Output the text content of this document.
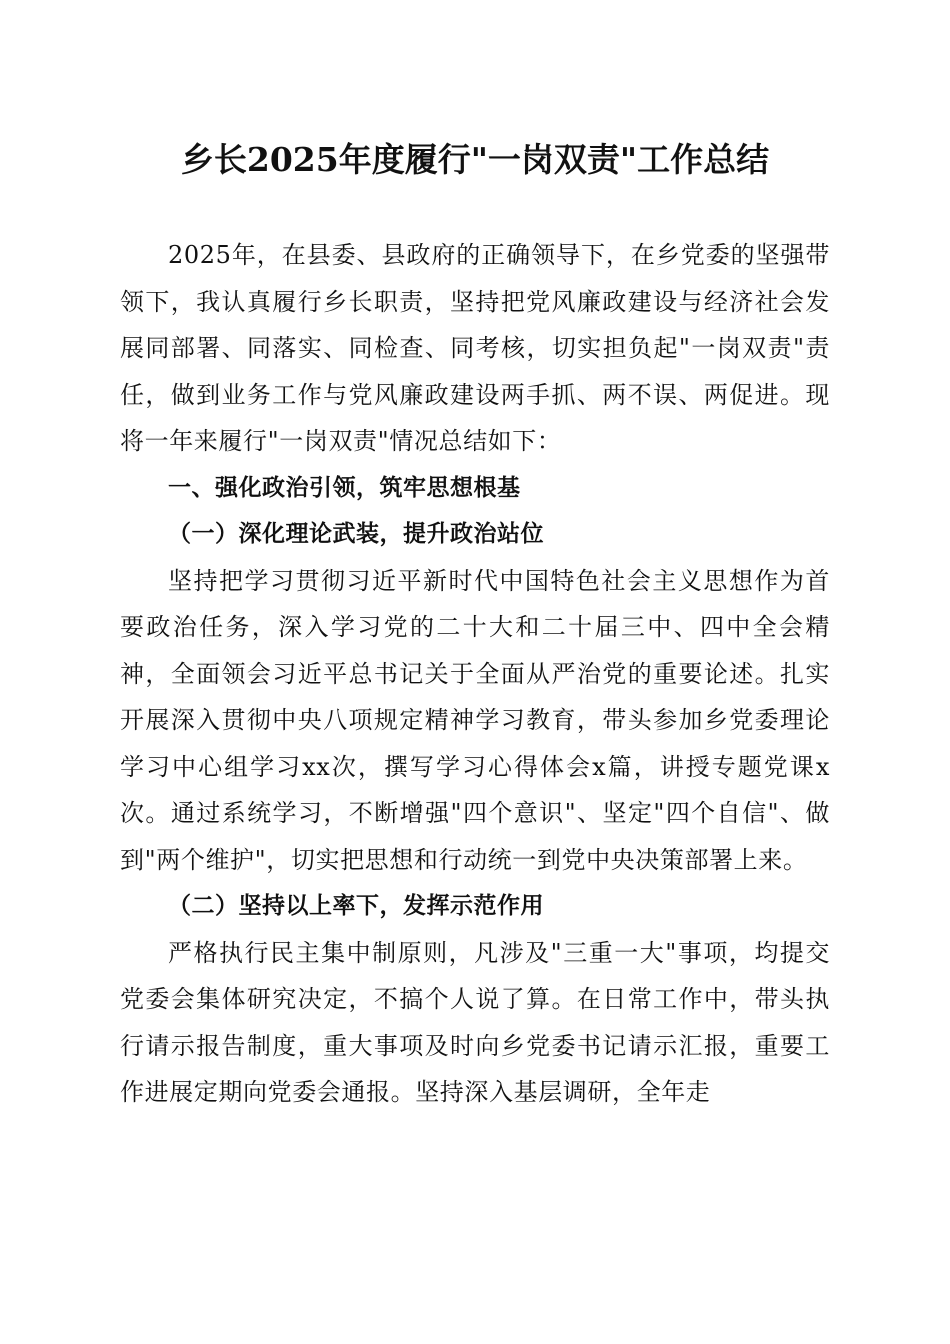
乡长2025年度履行"一岗双责"工作总结

2025年，在县委、县政府的正确领导下，在乡党委的坚强带领下，我认真履行乡长职责，坚持把党风廉政建设与经济社会发展同部署、同落实、同检查、同考核，切实担负起"一岗双责"责任，做到业务工作与党风廉政建设两手抓、两不误、两促进。现将一年来履行"一岗双责"情况总结如下：

一、强化政治引领，筑牢思想根基

（一）深化理论武装，提升政治站位

坚持把学习贯彻习近平新时代中国特色社会主义思想作为首要政治任务，深入学习党的二十大和二十届三中、四中全会精神，全面领会习近平总书记关于全面从严治党的重要论述。扎实开展深入贯彻中央八项规定精神学习教育，带头参加乡党委理论学习中心组学习xx次，撰写学习心得体会x篇，讲授专题党课x次。通过系统学习，不断增强"四个意识"、坚定"四个自信"、做到"两个维护"，切实把思想和行动统一到党中央决策部署上来。

（二）坚持以上率下，发挥示范作用

严格执行民主集中制原则，凡涉及"三重一大"事项，均提交党委会集体研究决定，不搞个人说了算。在日常工作中，带头执行请示报告制度，重大事项及时向乡党委书记请示汇报，重要工作进展定期向党委会通报。坚持深入基层调研，全年走
